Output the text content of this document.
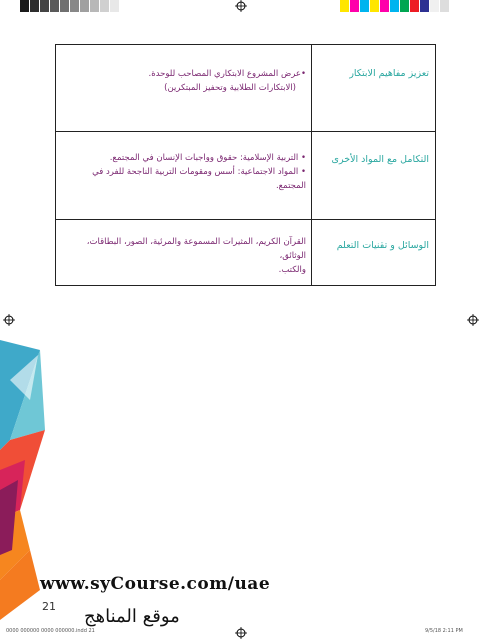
تعزيز مفاهيم الابتكار

•عرض المشروع الابتكاري المصاحب للوحدة.

(الابتكارات الطلابية وتحفيز المبتكرين)

التكامل مع المواد الأخرى

• التربية الإسلامية: حقوق وواجبات الإنسان في المجتمع.

• المواد الاجتماعية: أسس ومقومات التربية الناجحة للفرد في المجتمع.

الوسائل و تقنيات التعلم

القرآن الكريم، المثيرات المسموعة والمرئية، الصور، البطاقات، الوثائق،

والكتب.

www.syCourse.com/uae
21 موقع المناهج
0000 000000 0000 000000.indd 21	9/5/18 2:11 PM
